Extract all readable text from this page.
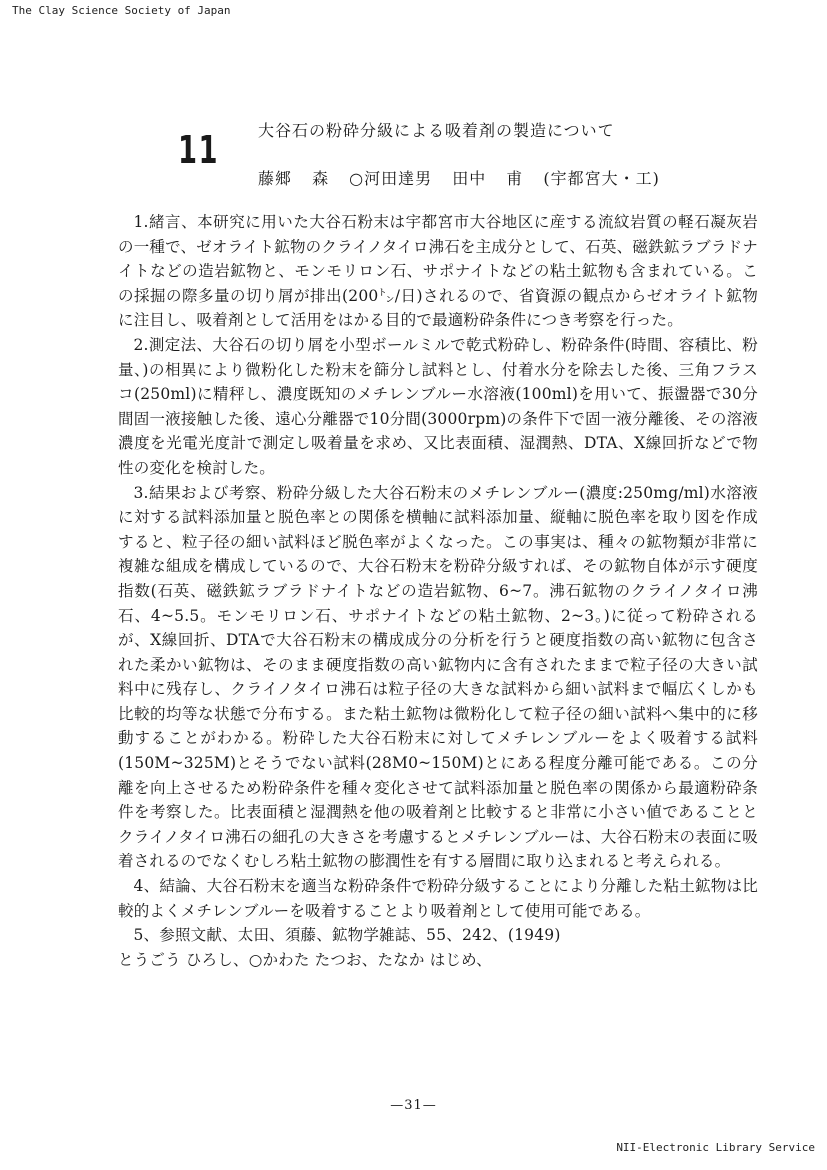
The Clay Science Society of Japan
11 大谷石の粉砕分級による吸着剤の製造について
藤郷 森 ○河田達男 田中 甫 (宇都宮大・工)

1.緒言、本研究に用いた大谷石粉末は宇都宮市大谷地区に産する流紋岩質の軽石凝灰岩の一種で、ゼオライト鉱物のクライノタイロ沸石を主成分として、石英、磁鉄鉱ラブラドナイトなどの造岩鉱物と、モンモリロン石、サポナイトなどの粘土鉱物も含まれている。この採掘の際多量の切り屑が排出(200㌧/日)されるので、省資源の観点からゼオライト鉱物に注目し、吸着剤として活用をはかる目的で最適粉砕条件につき考察を行った。

2.測定法、大谷石の切り屑を小型ボールミルで乾式粉砕し、粉砕条件(時間、容積比、粉量、)の相異により微粉化した粉末を篩分し試料とし、付着水分を除去した後、三角フラスコ(250ml)に精秤し、濃度既知のメチレンブルー水溶液(100ml)を用いて、振盪器で30分間固一液接触した後、遠心分離器で10分間(3000rpm)の条件下で固一液分離後、その溶液濃度を光電光度計で測定し吸着量を求め、又比表面積、湿潤熱、DTA、X線回折などで物性の変化を検討した。

3.結果および考察、粉砕分級した大谷石粉末のメチレンブルー(濃度:250mg/ml)水溶液に対する試料添加量と脱色率との関係を横軸に試料添加量、縦軸に脱色率を取り図を作成すると、粒子径の細い試料ほど脱色率がよくなった。この事実は、種々の鉱物類が非常に複雑な組成を構成しているので、大谷石粉末を粉砕分級すれば、その鉱物自体が示す硬度指数(石英、磁鉄鉱ラブラドナイトなどの造岩鉱物、6~7。沸石鉱物のクライノタイロ沸石、4~5.5。モンモリロン石、サポナイトなどの粘土鉱物、2~3。)に従って粉砕されるが、X線回折、DTAで大谷石粉末の構成成分の分析を行うと硬度指数の高い鉱物に包含された柔かい鉱物は、そのまま硬度指数の高い鉱物内に含有されたままで粒子径の大きい試料中に残存し、クライノタイロ沸石は粒子径の大きな試料から細い試料まで幅広くしかも比較的均等な状態で分布する。また粘土鉱物は微粉化して粒子径の細い試料へ集中的に移動することがわかる。粉砕した大谷石粉末に対してメチレンブルーをよく吸着する試料(150M~325M)とそうでない試料(28M0~150M)とにある程度分離可能である。この分離を向上させるため粉砕条件を種々変化させて試料添加量と脱色率の関係から最適粉砕条件を考察した。比表面積と湿潤熱を他の吸着剤と比較すると非常に小さい値であることとクライノタイロ沸石の細孔の大きさを考慮するとメチレンブルーは、大谷石粉末の表面に吸着されるのでなくむしろ粘土鉱物の膨潤性を有する層間に取り込まれると考えられる。

4、結論、大谷石粉末を適当な粉砕条件で粉砕分級することにより分離した粘土鉱物は比較的よくメチレンブルーを吸着することより吸着剤として使用可能である。

5、参照文献、太田、須藤、鉱物学雑誌、55、242、(1949)

とうごう ひろし、○かわた たつお、たなか はじめ、

—31—
NII-Electronic Library Service
